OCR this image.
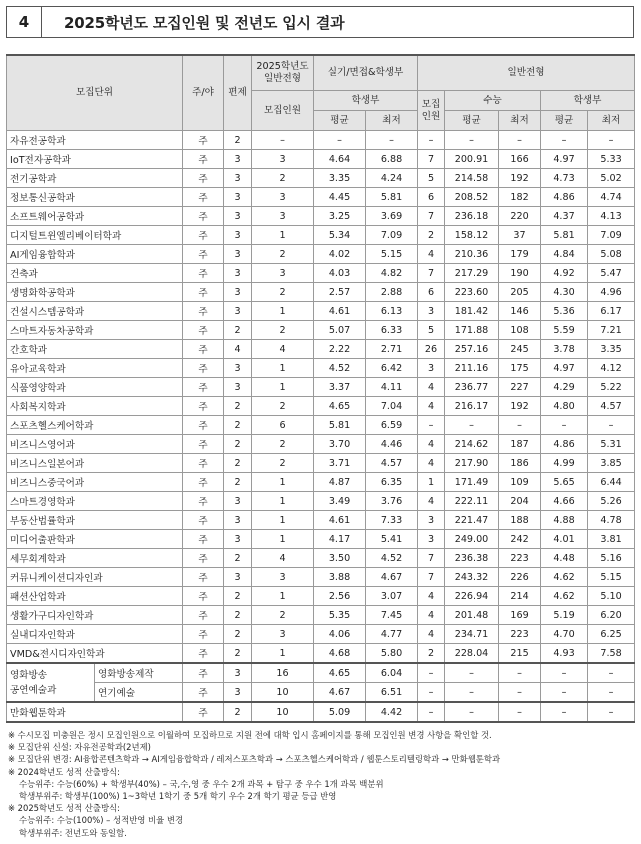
4	2025학년도 모집인원 및 전년도 입시 결과
모집단위		주/야	편제	2025학년도 일반전형	실기/면접&학생부		일반전형				
				모집인원	학생부		모집 인원	수능		학생부	
					평균	최저		평균	최저	평균	최저
자유전공학과		주	2	–	–	–	–	–	–	–	–
IoT전자공학과		주	3	3	4.64	6.88	7	200.91	166	4.97	5.33
전기공학과		주	3	2	3.35	4.24	5	214.58	192	4.73	5.02
정보통신공학과		주	3	3	4.45	5.81	6	208.52	182	4.86	4.74
소프트웨어공학과		주	3	3	3.25	3.69	7	236.18	220	4.37	4.13
디지털트윈엘리베이터학과		주	3	1	5.34	7.09	2	158.12	37	5.81	7.09
AI게임융합학과		주	3	2	4.02	5.15	4	210.36	179	4.84	5.08
건축과		주	3	3	4.03	4.82	7	217.29	190	4.92	5.47
생명화학공학과		주	3	2	2.57	2.88	6	223.60	205	4.30	4.96
건설시스템공학과		주	3	1	4.61	6.13	3	181.42	146	5.36	6.17
스마트자동차공학과		주	2	2	5.07	6.33	5	171.88	108	5.59	7.21
간호학과		주	4	4	2.22	2.71	26	257.16	245	3.78	3.35
유아교육학과		주	3	1	4.52	6.42	3	211.16	175	4.97	4.12
식품영양학과		주	3	1	3.37	4.11	4	236.77	227	4.29	5.22
사회복지학과		주	2	2	4.65	7.04	4	216.17	192	4.80	4.57
스포츠헬스케어학과		주	2	6	5.81	6.59	–	–	–	–	–
비즈니스영어과		주	2	2	3.70	4.46	4	214.62	187	4.86	5.31
비즈니스일본어과		주	2	2	3.71	4.57	4	217.90	186	4.99	3.85
비즈니스중국어과		주	2	1	4.87	6.35	1	171.49	109	5.65	6.44
스마트경영학과		주	3	1	3.49	3.76	4	222.11	204	4.66	5.26
부동산법률학과		주	3	1	4.61	7.33	3	221.47	188	4.88	4.78
미디어출판학과		주	3	1	4.17	5.41	3	249.00	242	4.01	3.81
세무회계학과		주	2	4	3.50	4.52	7	236.38	223	4.48	5.16
커뮤니케이션디자인과		주	3	3	3.88	4.67	7	243.32	226	4.62	5.15
패션산업학과		주	2	1	2.56	3.07	4	226.94	214	4.62	5.10
생활가구디자인학과		주	2	2	5.35	7.45	4	201.48	169	5.19	6.20
실내디자인학과		주	2	3	4.06	4.77	4	234.71	223	4.70	6.25
VMD&전시디자인학과		주	2	1	4.68	5.80	2	228.04	215	4.93	7.58
영화방송
공연예술과	영화방송제작	주	3	16	4.65	6.04	–	–	–	–	–
	연기예술	주	3	10	4.67	6.51	–	–	–	–	–
만화웹툰학과		주	2	10	5.09	4.42	–	–	–	–	–
※ 수시모집 미충원은 정시 모집인원으로 이월하여 모집하므로 지원 전에 대학 입시 홈페이지를 통해 모집인원 변경 사항을 확인할 것.
※ 모집단위 신설: 자유전공학과(2년제)
※ 모집단위 변경: AI융합콘텐츠학과 → AI게임융합학과 / 레저스포츠학과 → 스포츠헬스케어학과 / 웹툰스토리텔링학과 → 만화웹툰학과
※ 2024학년도 성적 산출방식:
수능위주: 수능(60%) + 학생부(40%) – 국,수,영 중 우수 2개 과목 + 탐구 중 우수 1개 과목 백분위
학생부위주: 학생부(100%) 1~3학년 1학기 중 5개 학기 우수 2개 학기 평균 등급 반영
※ 2025학년도 성적 산출방식:
수능위주: 수능(100%) – 성적반영 비율 변경
학생부위주: 전년도와 동일함.
